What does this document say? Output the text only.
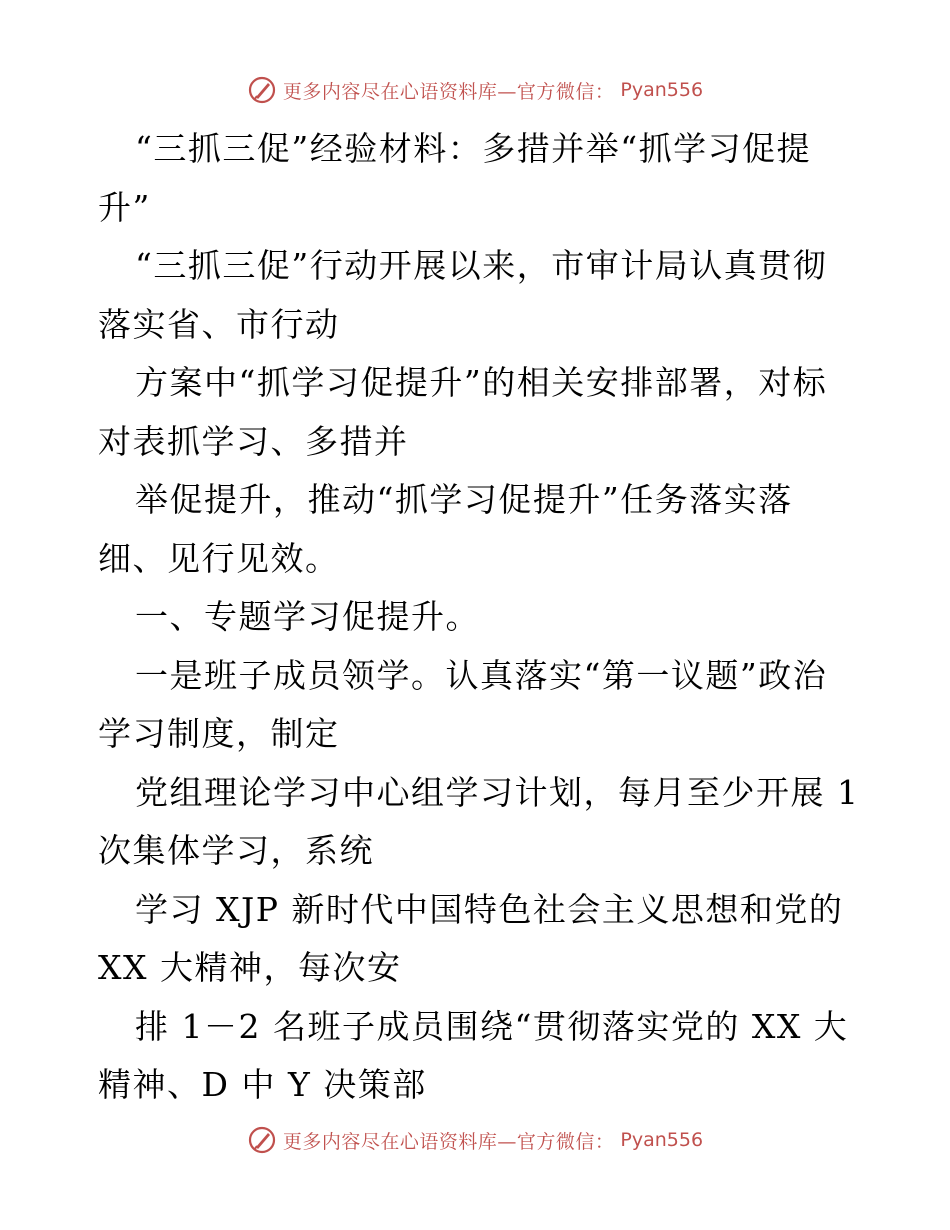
更多内容尽在心语资料库—官方微信： Pyan556
“三抓三促”经验材料：多措并举“抓学习促提
升”
“三抓三促”行动开展以来，市审计局认真贯彻
落实省、市行动
方案中“抓学习促提升”的相关安排部署，对标
对表抓学习、多措并
举促提升，推动“抓学习促提升”任务落实落
细、见行见效。
一、专题学习促提升。
一是班子成员领学。认真落实“第一议题”政治
学习制度，制定
党组理论学习中心组学习计划，每月至少开展 1
次集体学习，系统
学习 XJP 新时代中国特色社会主义思想和党的
XX 大精神，每次安
排 1－2 名班子成员围绕“贯彻落实党的 XX 大
精神、D 中 Y 决策部
更多内容尽在心语资料库—官方微信： Pyan556
